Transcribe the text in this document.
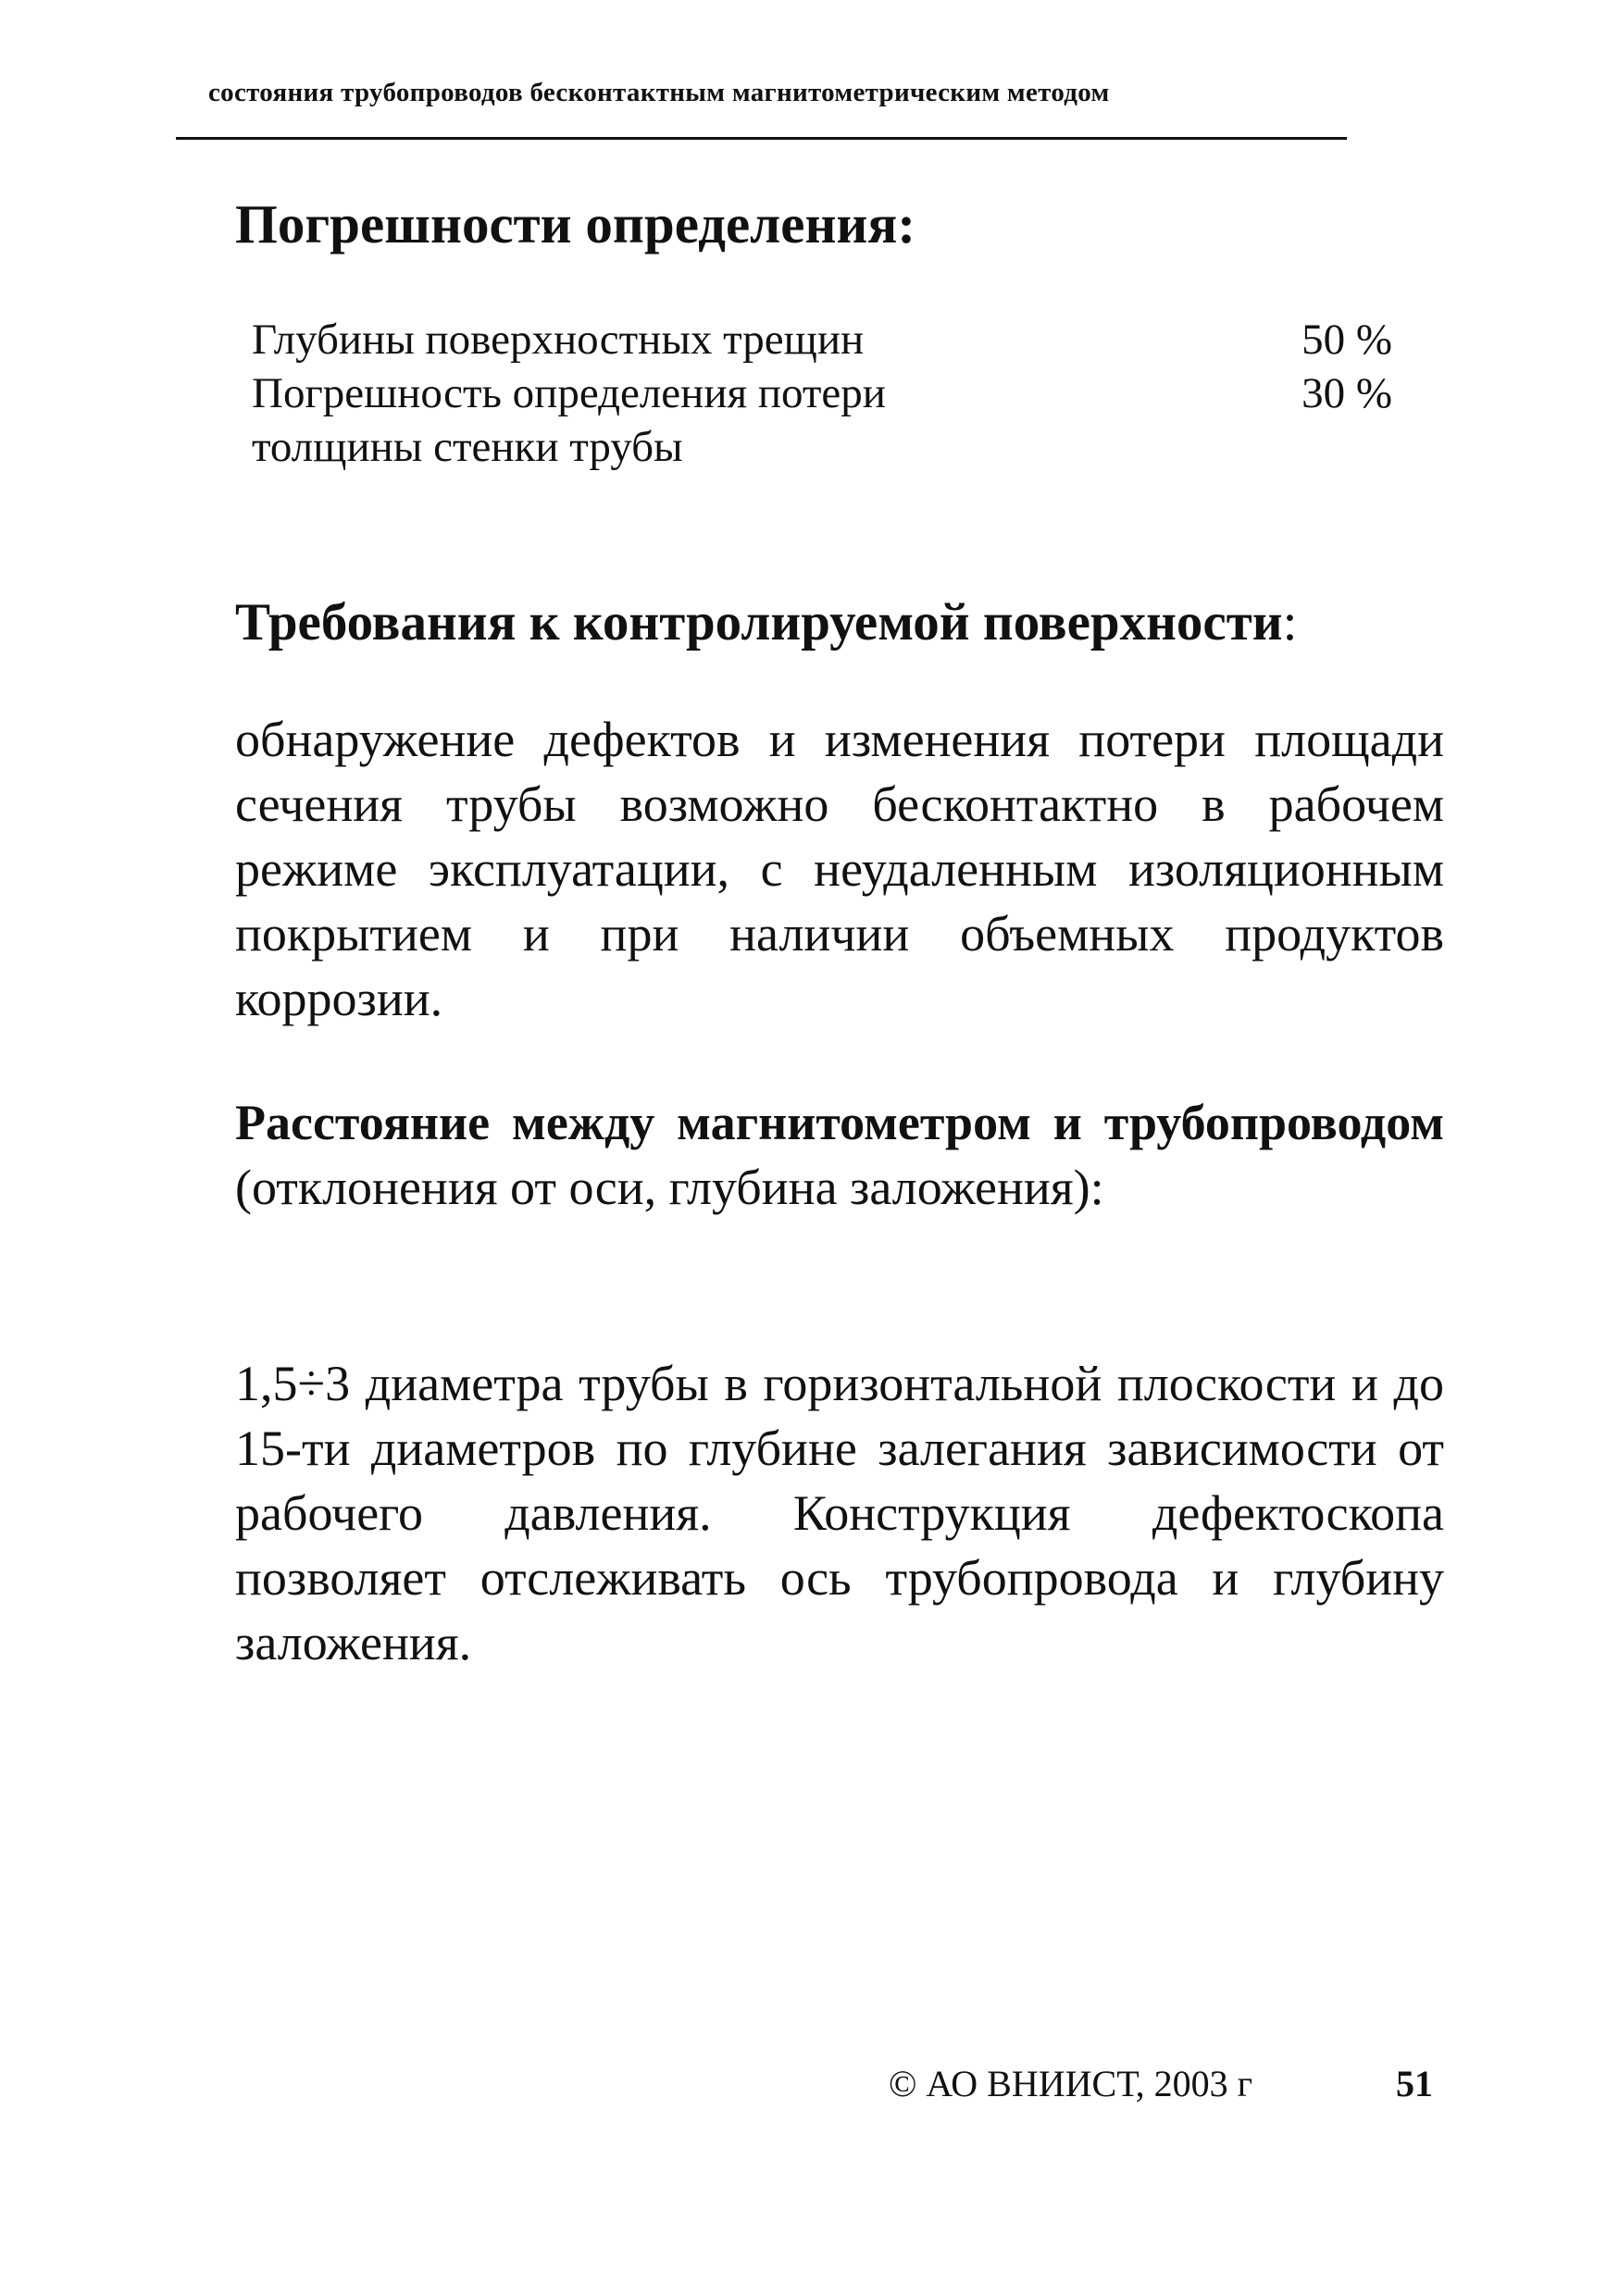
состояния трубопроводов бесконтактным магнитометрическим методом
Погрешности определения:
Глубины поверхностных трещин	50 %
Погрешность определения потери толщины стенки трубы
30 %
Требования к контролируемой поверхности:
обнаружение дефектов и изменения потери площади сечения трубы возможно бесконтактно в рабочем режиме эксплуатации, с неудаленным изоляционным покрытием и при наличии объемных продуктов коррозии.
Расстояние между магнитометром и трубопроводом (отклонения от оси, глубина заложения):
1,5÷3 диаметра трубы в горизонтальной плоскости и до 15-ти диаметров по глубине залегания зависимости от рабочего давления. Конструкция дефектоскопа позволяет отслеживать ось трубопровода и глубину заложения.
© АО ВНИИСТ, 2003 г	51
